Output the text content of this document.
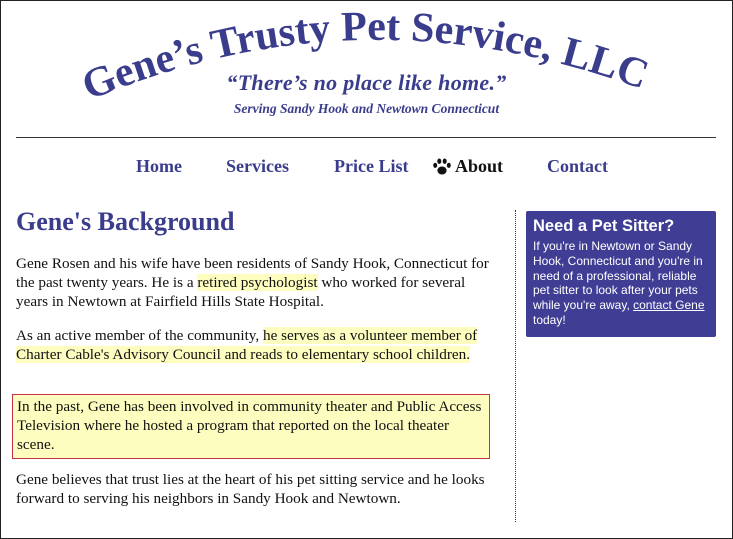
Gene’s Trusty Pet Service, LLC
“There’s no place like home.”
Serving Sandy Hook and Newtown Connecticut
Home Services	Price List	About Contact
Gene's Background

Gene Rosen and his wife have been residents of Sandy Hook, Connecticut for the past twenty years. He is a retired psychologist who worked for several years in Newtown at Fairfield Hills State Hospital.

As an active member of the community, he serves as a volunteer member of Charter Cable's Advisory Council and reads to elementary school children.

In the past, Gene has been involved in community theater and Public Access Television where he hosted a program that reported on the local theater scene.

Gene believes that trust lies at the heart of his pet sitting service and he looks forward to serving his neighbors in Sandy Hook and Newtown.

Need a Pet Sitter?

If you're in Newtown or Sandy Hook, Connecticut and you're in need of a professional, reliable pet sitter to look after your pets while you're away, contact Gene today!
